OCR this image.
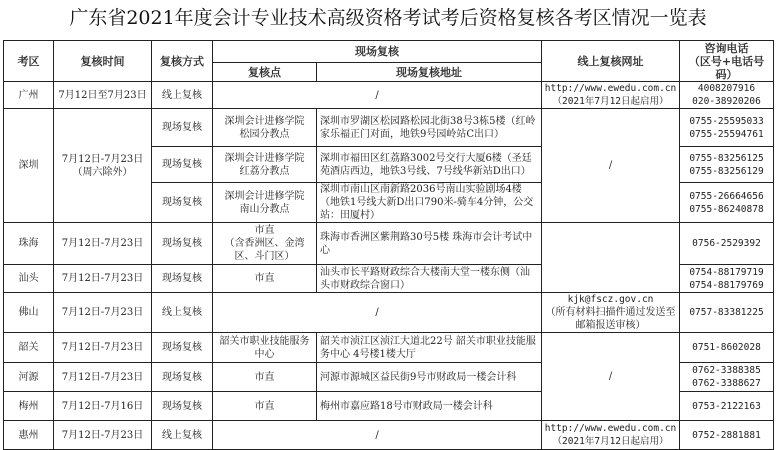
广东省2021年度会计专业技术高级资格考试考后资格复核各考区情况一览表
考区	复核时间	复核方式	现场复核		线上复核网址	咨询电话
（区号+电话号码）

			复核点	现场复核地址		
广州	7月12日至7月23日	线上复核	/		http://www.ewedu.com.cn
（2021年7月12日起启用）	4008207916
020-38920206

深圳	7月12日-7月23日
（周六除外）	现场复核	深圳会计进修学院
松园分教点	深圳市罗湖区松园路松园北街38号3栋5楼（红岭家乐福正门对面，地铁9号园岭站C出口）	/	0755-25595033
0755-25594761

		现场复核	深圳会计进修学院
红荔分教点	深圳市福田区红荔路3002号交行大厦6楼（圣廷苑酒店西边，地铁3号线、7号线华新站D出口）		0755-83256125
0755-83256129

		现场复核	深圳会计进修学院
南山分教点	深圳市南山区南新路2036号南山实验剧场4楼（地铁1号线大新D出口790米-骑车4分钟，公交站：田厦村）		0755-26664656
0755-86240878

珠海	7月12日-7月23日	现场复核	市直
（含香洲区、金湾区、斗门区）	珠海市香洲区紫荆路30号5楼 珠海市会计考试中心		0756-2529392
汕头	7月12日-7月23日	现场复核	市直	汕头市长平路财政综合大楼南大堂一楼东侧（汕头市财政综合窗口）		0754-88179719
0754-88179769

佛山	7月12日-7月23日	线上复核	/		kjk@fscz.gov.cn
（所有材料扫描件通过发送至邮箱报送审核）	0757-83381225
韶关	7月12日-7月23日	现场复核	韶关市职业技能服务中心	韶关市浈江区浈江大道北22号 韶关市职业技能服务中心 4号楼1楼大厅	/	0751-8602028
河源	7月12日-7月23日	现场复核	市直	河源市源城区益民街9号市财政局一楼会计科		0762-3388385
0762-3388627

梅州	7月12日-7月16日	现场复核	市直	梅州市嘉应路18号市财政局一楼会计科		0753-2122163
惠州	7月12日-7月23日	线上复核	/		http://www.ewedu.com.cn
（2021年7月12日起启用）	0752-2881881
